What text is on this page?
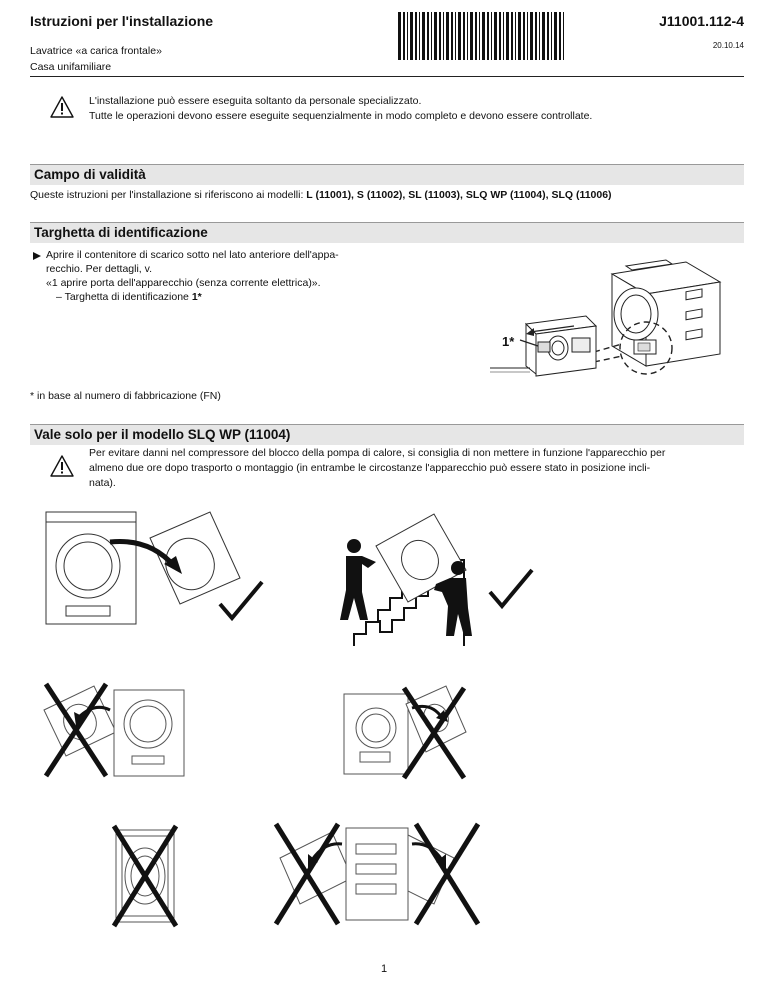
Istruzioni per l'installazione	J11001.112-4
20.10.14
Lavatrice «a carica frontale»
Casa unifamiliare
L'installazione può essere eseguita soltanto da personale specializzato.
Tutte le operazioni devono essere eseguite sequenzialmente in modo completo e devono essere controllate.
Campo di validità
Queste istruzioni per l'installazione si riferiscono ai modelli: L (11001), S (11002), SL (11003), SLQ WP (11004), SLQ (11006)
Targhetta di identificazione
Aprire il contenitore di scarico sotto nel lato anteriore dell'appa-
recchio. Per dettagli, v.
«1 aprire porta dell'apparecchio (senza corrente elettrica)».
– Targhetta di identificazione 1*
1*
* in base al numero di fabbricazione (FN)
Vale solo per il modello SLQ WP (11004)
Per evitare danni nel compressore del blocco della pompa di calore, si consiglia di non mettere in funzione l'apparecchio per
almeno due ore dopo trasporto o montaggio (in entrambe le circostanze l'apparecchio può essere stato in posizione incli-
nata).
1
